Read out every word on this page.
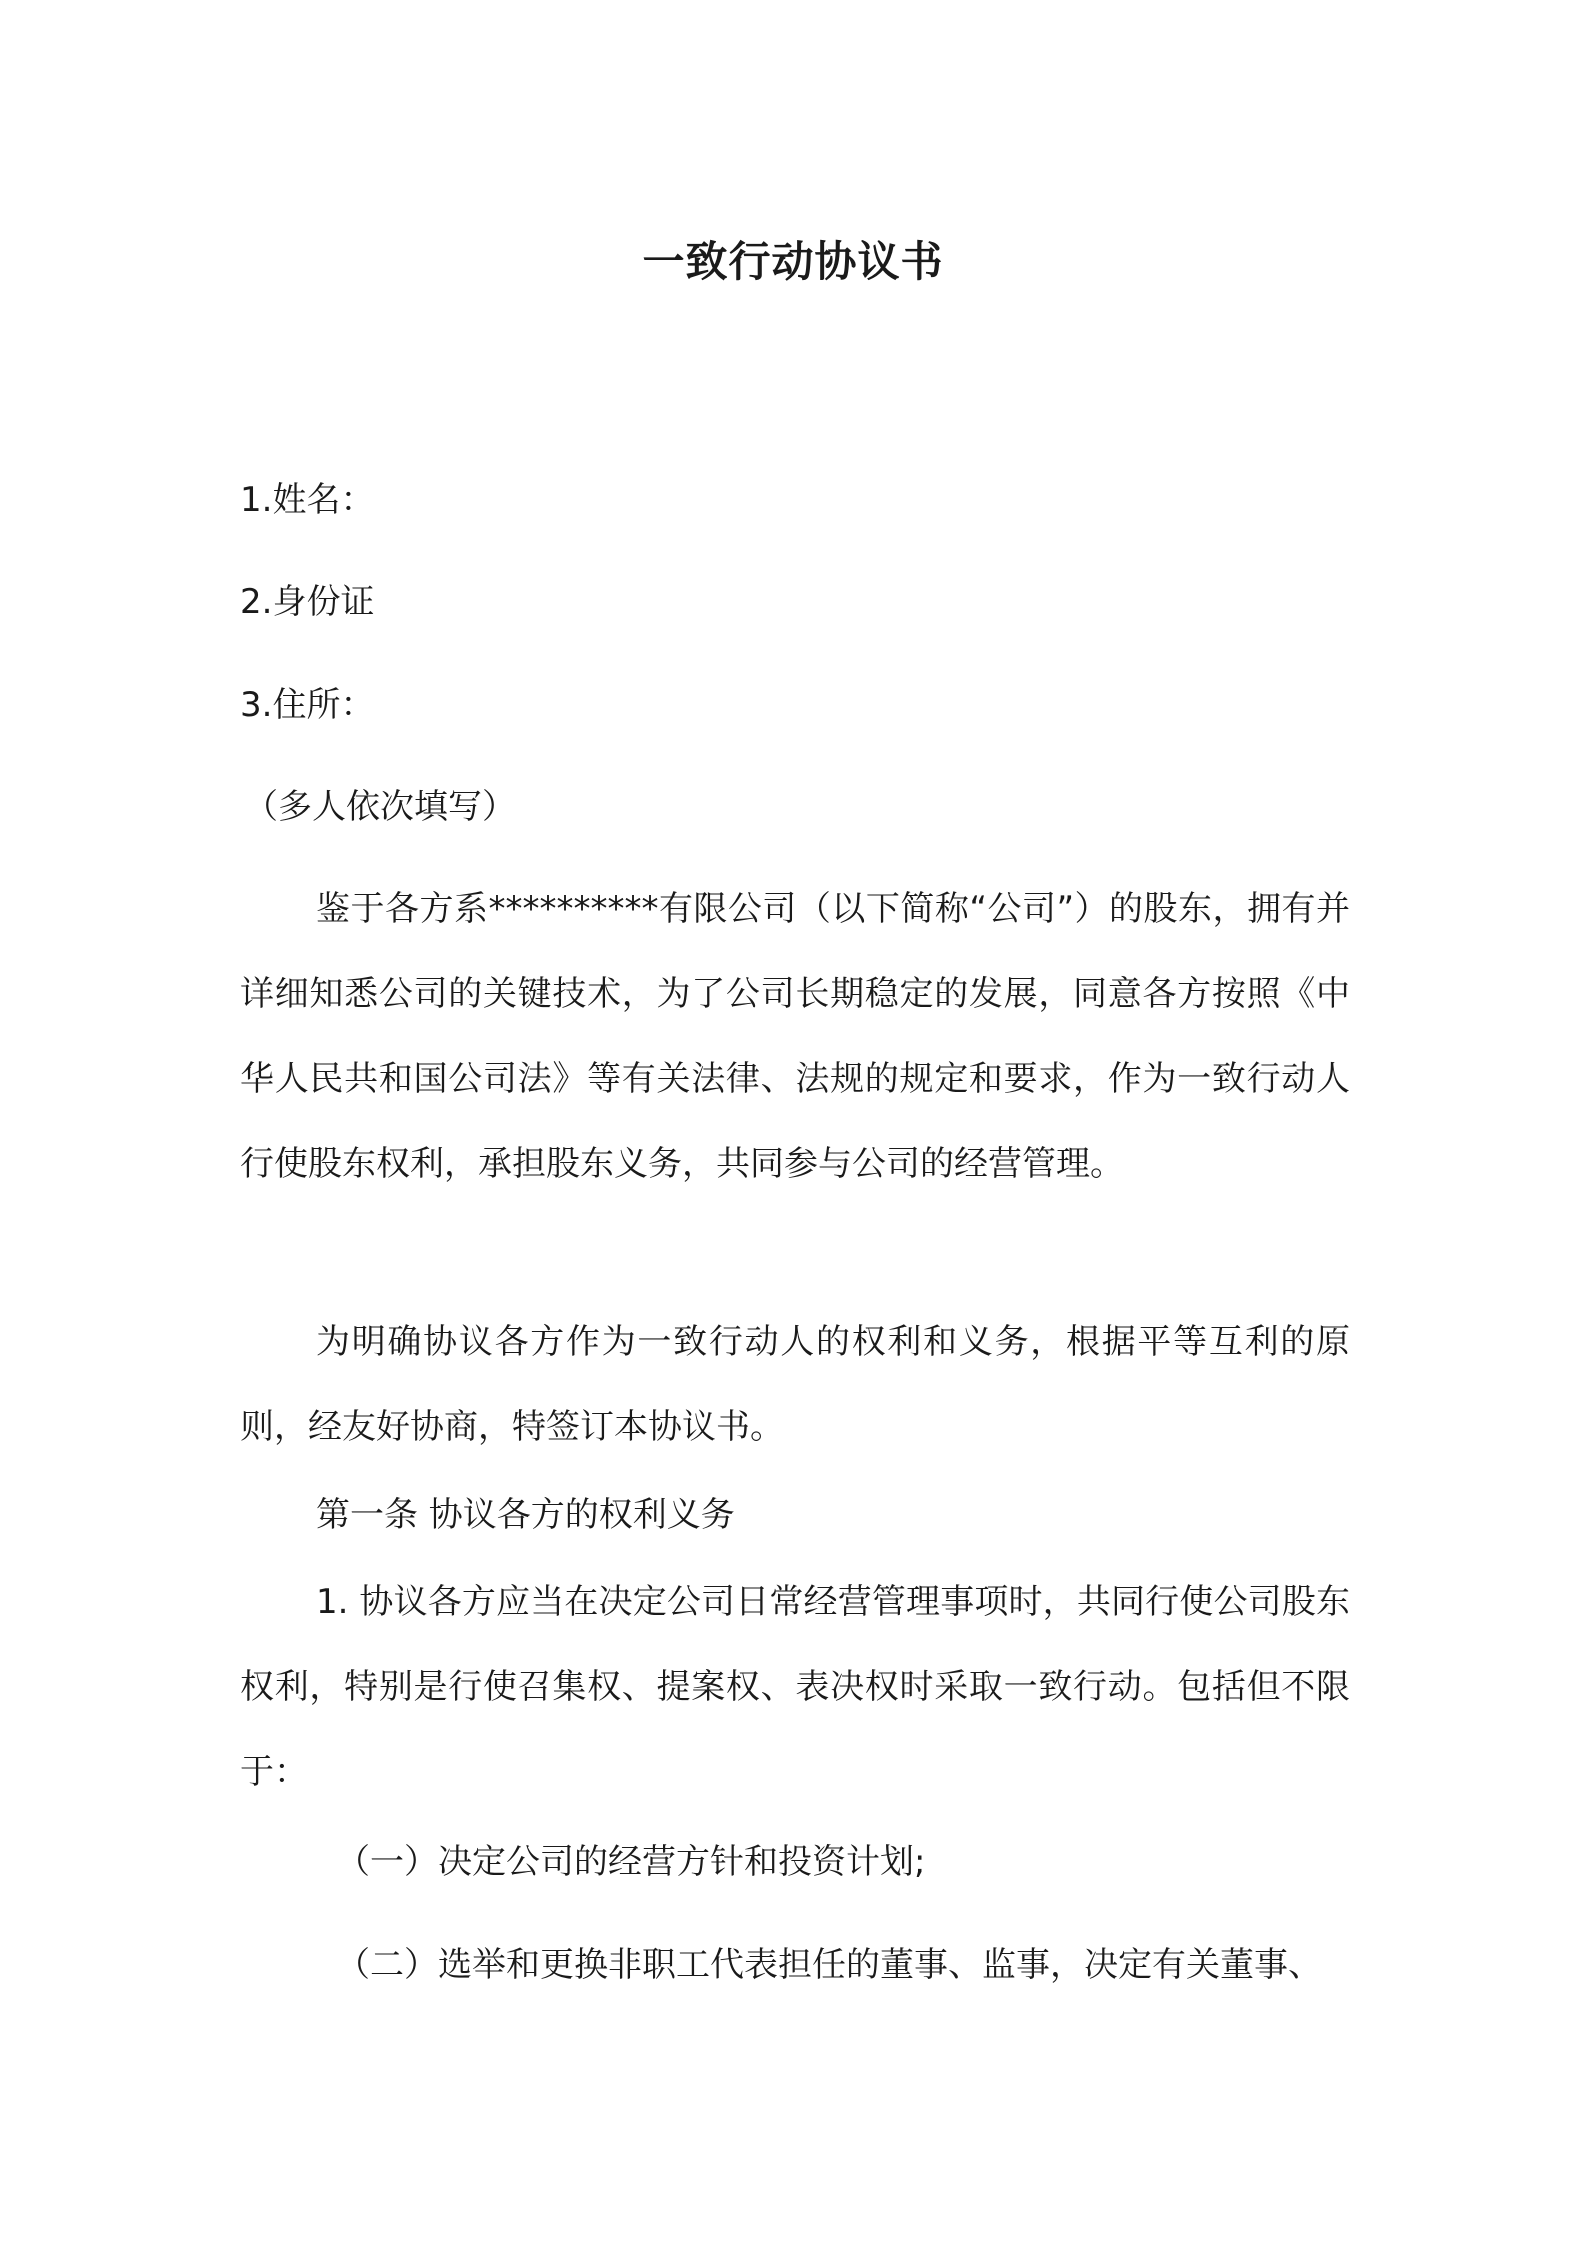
一致行动协议书
1.姓名：
2.身份证
3.住所：
（多人依次填写）
鉴于各方系**********有限公司（以下简称“公司”）的股东，拥有并详细知悉公司的关键技术，为了公司长期稳定的发展，同意各方按照《中华人民共和国公司法》等有关法律、法规的规定和要求，作为一致行动人行使股东权利，承担股东义务，共同参与公司的经营管理。
为明确协议各方作为一致行动人的权利和义务，根据平等互利的原则，经友好协商，特签订本协议书。
第一条 协议各方的权利义务
1. 协议各方应当在决定公司日常经营管理事项时，共同行使公司股东权利，特别是行使召集权、提案权、表决权时采取一致行动。包括但不限于：
（一）决定公司的经营方针和投资计划;
（二）选举和更换非职工代表担任的董事、监事，决定有关董事、
